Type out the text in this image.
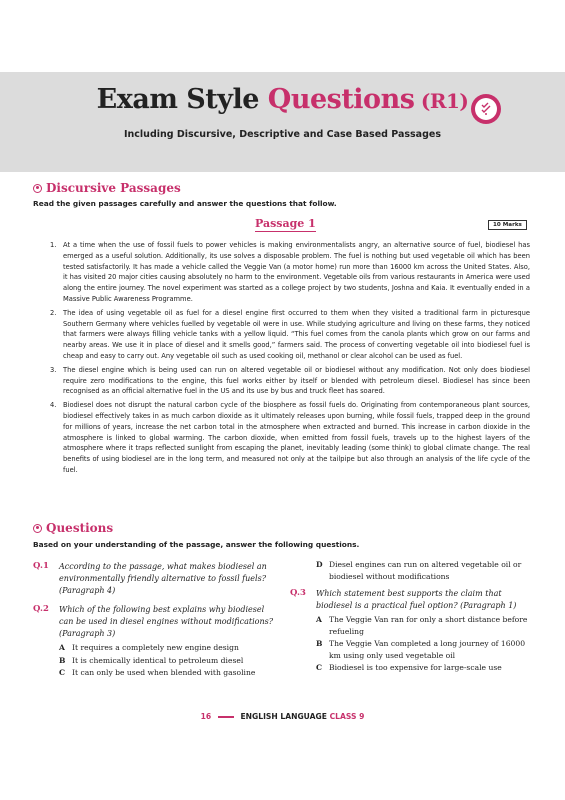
Exam Style Questions (R1)
Including Discursive, Descriptive and Case Based Passages
Discursive Passages
Read the given passages carefully and answer the questions that follow.
Passage 1	10 Marks
1. At a time when the use of fossil fuels to power vehicles is making environmentalists angry, an alternative source of fuel, biodiesel has emerged as a useful solution. Additionally, its use solves a disposable problem. The fuel is nothing but used vegetable oil which has been tested satisfactorily. It has made a vehicle called the Veggie Van (a motor home) run more than 16000 km across the United States. Also, it has visited 20 major cities causing absolutely no harm to the environment. Vegetable oils from various restaurants in America were used along the entire journey. The novel experiment was started as a college project by two students, Joshna and Kaia. It eventually ended in a Massive Public Awareness Programme.
2. The idea of using vegetable oil as fuel for a diesel engine first occurred to them when they visited a traditional farm in picturesque Southern Germany where vehicles fuelled by vegetable oil were in use. While studying agriculture and living on these farms, they noticed that farmers were always filling vehicle tanks with a yellow liquid. “This fuel comes from the canola plants which grow on our farms and nearby areas. We use it in place of diesel and it smells good,” farmers said. The process of converting vegetable oil into biodiesel fuel is cheap and easy to carry out. Any vegetable oil such as used cooking oil, methanol or clear alcohol can be used as fuel.
3. The diesel engine which is being used can run on altered vegetable oil or biodiesel without any modification. Not only does biodiesel require zero modifications to the engine, this fuel works either by itself or blended with petroleum diesel. Biodiesel has since been recognised as an official alternative fuel in the US and its use by bus and truck fleet has soared.
4. Biodiesel does not disrupt the natural carbon cycle of the biosphere as fossil fuels do. Originating from contemporaneous plant sources, biodiesel effectively takes in as much carbon dioxide as it ultimately releases upon burning, while fossil fuels, trapped deep in the ground for millions of years, increase the net carbon total in the atmosphere when extracted and burned. This increase in carbon dioxide in the atmosphere is linked to global warming. The carbon dioxide, when emitted from fossil fuels, travels up to the highest layers of the atmosphere where it traps reflected sunlight from escaping the planet, inevitably leading (some think) to global climate change. The real benefits of using biodiesel are in the long term, and measured not only at the tailpipe but also through an analysis of the life cycle of the fuel.
Questions
Based on your understanding of the passage, answer the following questions.
Q.1 According to the passage, what makes biodiesel an environmentally friendly alternative to fossil fuels? (Paragraph 4)
Q.2 Which of the following best explains why biodiesel can be used in diesel engines without modifications? (Paragraph 3)
A It requires a completely new engine design
B It is chemically identical to petroleum diesel
C It can only be used when blended with gasoline
D Diesel engines can run on altered vegetable oil or biodiesel without modifications
Q.3 Which statement best supports the claim that biodiesel is a practical fuel option? (Paragraph 1)
A The Veggie Van ran for only a short distance before refueling
B The Veggie Van completed a long journey of 16000 km using only used vegetable oil
C Biodiesel is too expensive for large-scale use
16	ENGLISH LANGUAGE CLASS 9
